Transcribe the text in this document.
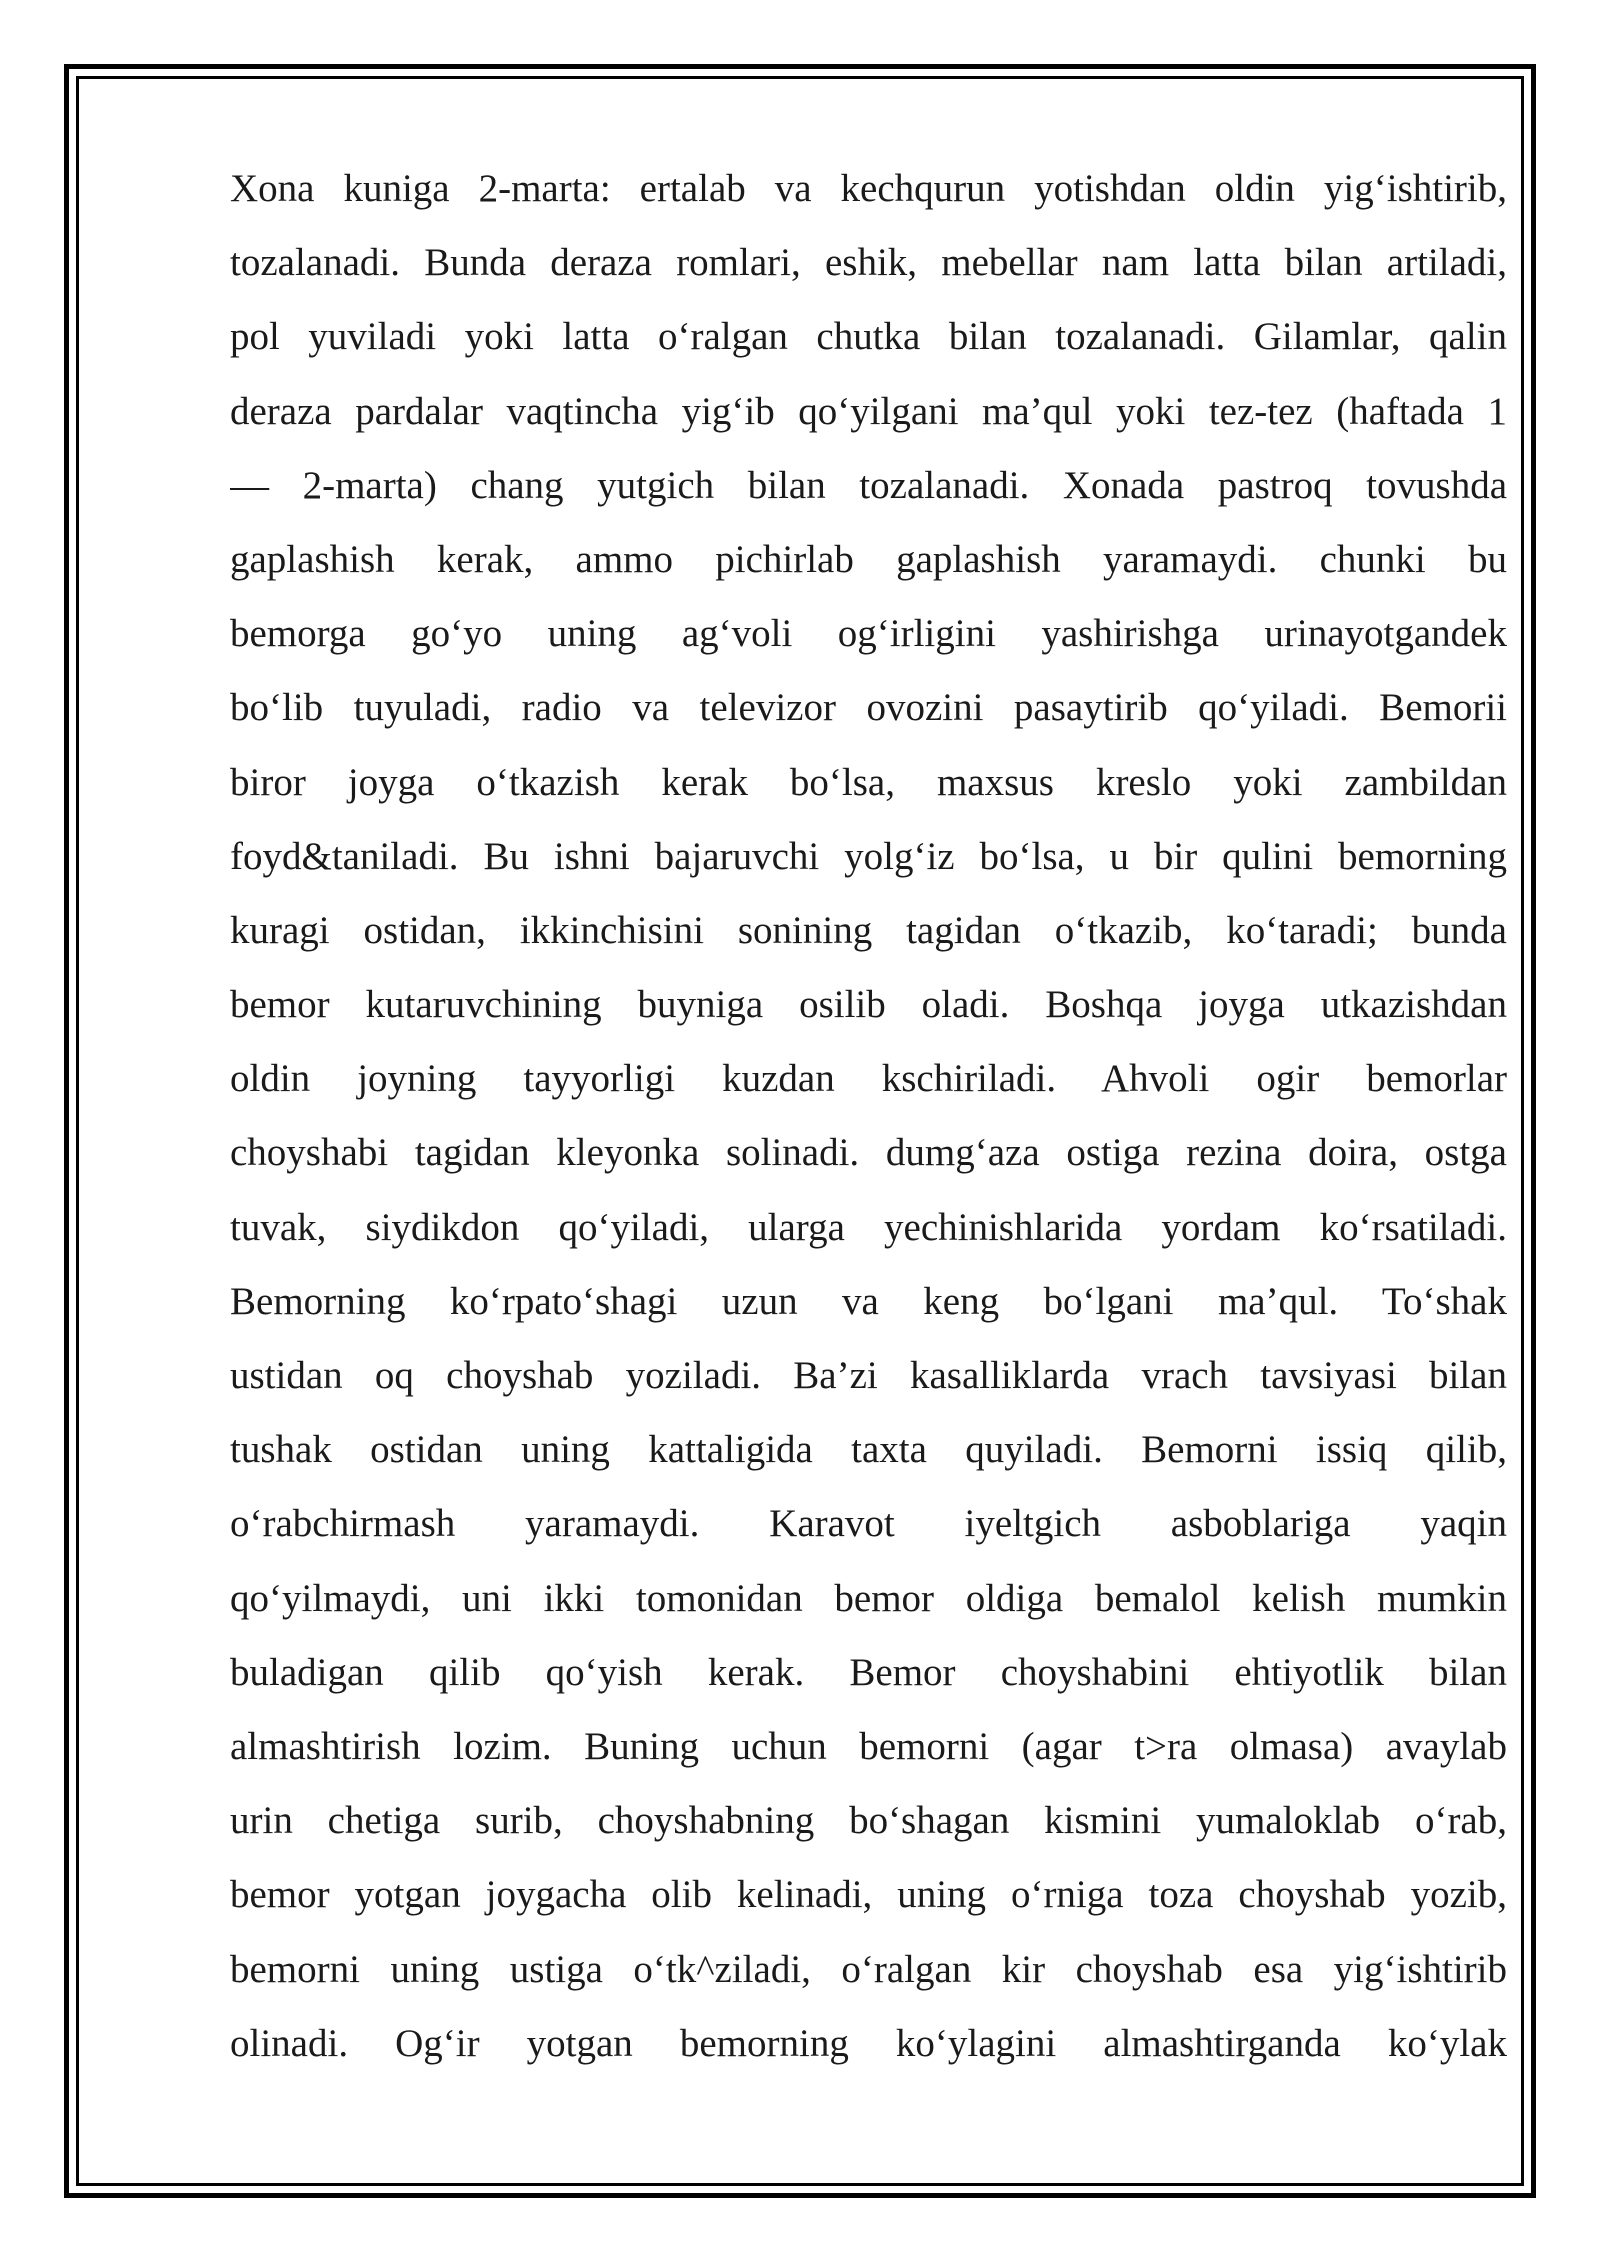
Xona kuniga 2-marta: ertalab va kechqurun yotishdan oldin yig‘ishtirib,
tozalanadi. Bunda deraza romlari, eshik, mebellar nam latta bilan artiladi,
pol yuviladi yoki latta o‘ralgan chutka bilan tozalanadi. Gilamlar, qalin
deraza pardalar vaqtincha yig‘ib qo‘yilgani ma’qul yoki tez-tez (haftada 1
— 2-marta) chang yutgich bilan tozalanadi. Xonada pastroq tovushda
gaplashish kerak, ammo pichirlab gaplashish yaramaydi. chunki bu
bemorga go‘yo uning ag‘voli og‘irligini yashirishga urinayotgandek
bo‘lib tuyuladi, radio va televizor ovozini pasaytirib qo‘yiladi. Bemorii
biror joyga o‘tkazish kerak bo‘lsa, maxsus kreslo yoki zambildan
foyd&taniladi. Bu ishni bajaruvchi yolg‘iz bo‘lsa, u bir qulini bemorning
kuragi ostidan, ikkinchisini sonining tagidan o‘tkazib, ko‘taradi; bunda
bemor kutaruvchining buyniga osilib oladi. Boshqa joyga utkazishdan
oldin joyning tayyorligi kuzdan kschiriladi. Ahvoli ogir bemorlar
choyshabi tagidan kleyonka solinadi. dumg‘aza ostiga rezina doira, ostga
tuvak, siydikdon qo‘yiladi, ularga yechinishlarida yordam ko‘rsatiladi.
Bemorning ko‘rpato‘shagi uzun va keng bo‘lgani ma’qul. To‘shak
ustidan oq choyshab yoziladi. Ba’zi kasalliklarda vrach tavsiyasi bilan
tushak ostidan uning kattaligida taxta quyiladi. Bemorni issiq qilib,
o‘rabchirmash yaramaydi. Karavot iyeltgich asboblariga yaqin
qo‘yilmaydi, uni ikki tomonidan bemor oldiga bemalol kelish mumkin
buladigan qilib qo‘yish kerak. Bemor choyshabini ehtiyotlik bilan
almashtirish lozim. Buning uchun bemorni (agar t>ra olmasa) avaylab
urin chetiga surib, choyshabning bo‘shagan kismini yumaloklab o‘rab,
bemor yotgan joygacha olib kelinadi, uning o‘rniga toza choyshab yozib,
bemorni uning ustiga o‘tk^ziladi, o‘ralgan kir choyshab esa yig‘ishtirib
olinadi. Og‘ir yotgan bemorning ko‘ylagini almashtirganda ko‘ylak
